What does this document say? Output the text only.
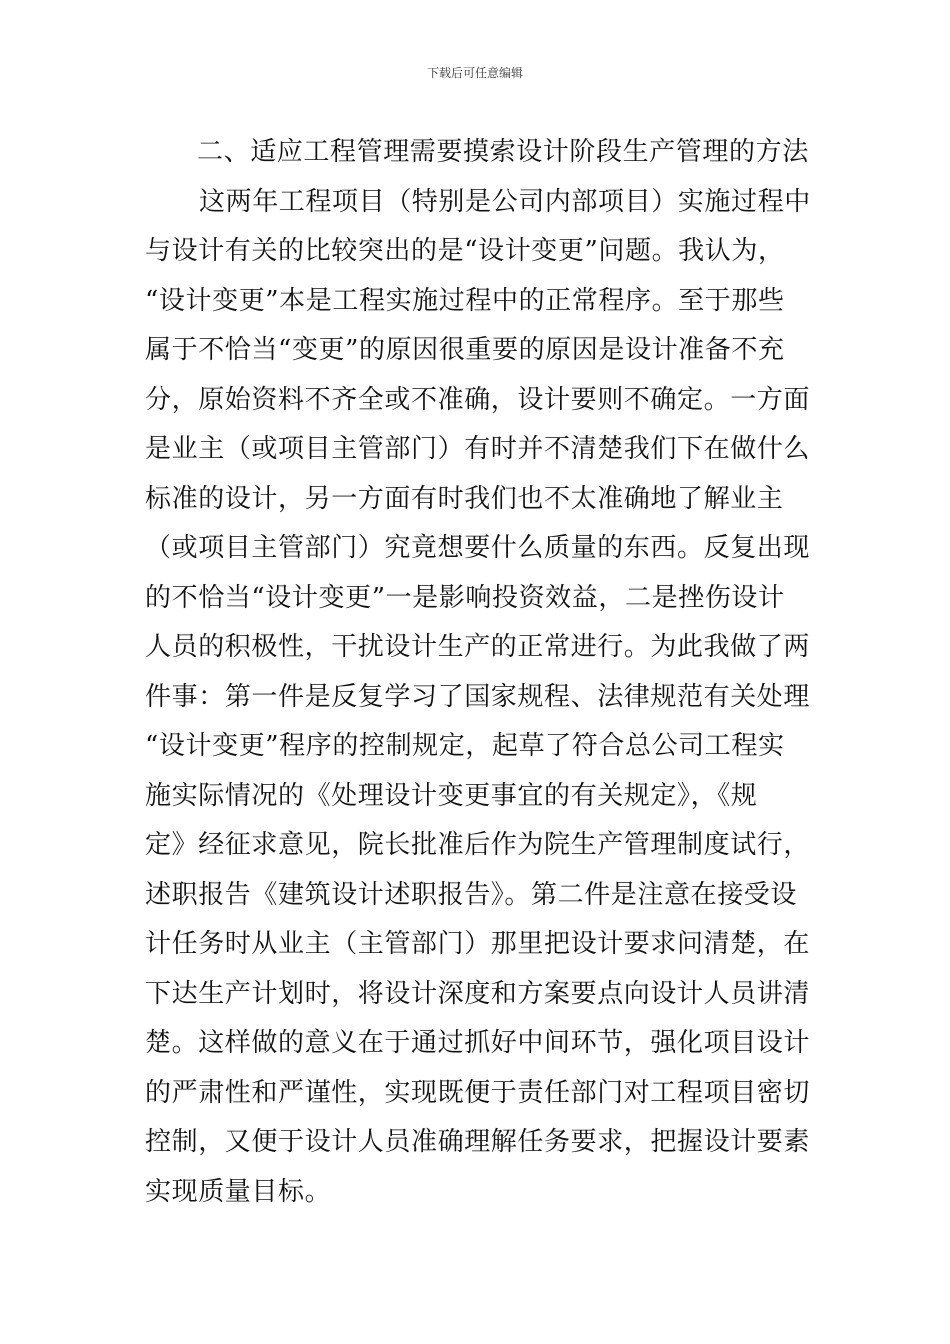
下载后可任意编辑
二、适应工程管理需要摸索设计阶段生产管理的方法
这两年工程项目（特别是公司内部项目）实施过程中
与设计有关的比较突出的是“设计变更”问题。我认为，
“设计变更”本是工程实施过程中的正常程序。至于那些
属于不恰当“变更”的原因很重要的原因是设计准备不充
分，原始资料不齐全或不准确，设计要则不确定。一方面
是业主（或项目主管部门）有时并不清楚我们下在做什么
标准的设计，另一方面有时我们也不太准确地了解业主
（或项目主管部门）究竟想要什么质量的东西。反复出现
的不恰当“设计变更”一是影响投资效益，二是挫伤设计
人员的积极性，干扰设计生产的正常进行。为此我做了两
件事：第一件是反复学习了国家规程、法律规范有关处理
“设计变更”程序的控制规定，起草了符合总公司工程实
施实际情况的《处理设计变更事宜的有关规定》，《规
定》经征求意见，院长批准后作为院生产管理制度试行，
述职报告《建筑设计述职报告》。第二件是注意在接受设
计任务时从业主（主管部门）那里把设计要求问清楚，在
下达生产计划时，将设计深度和方案要点向设计人员讲清
楚。这样做的意义在于通过抓好中间环节，强化项目设计
的严肃性和严谨性，实现既便于责任部门对工程项目密切
控制，又便于设计人员准确理解任务要求，把握设计要素
实现质量目标。
